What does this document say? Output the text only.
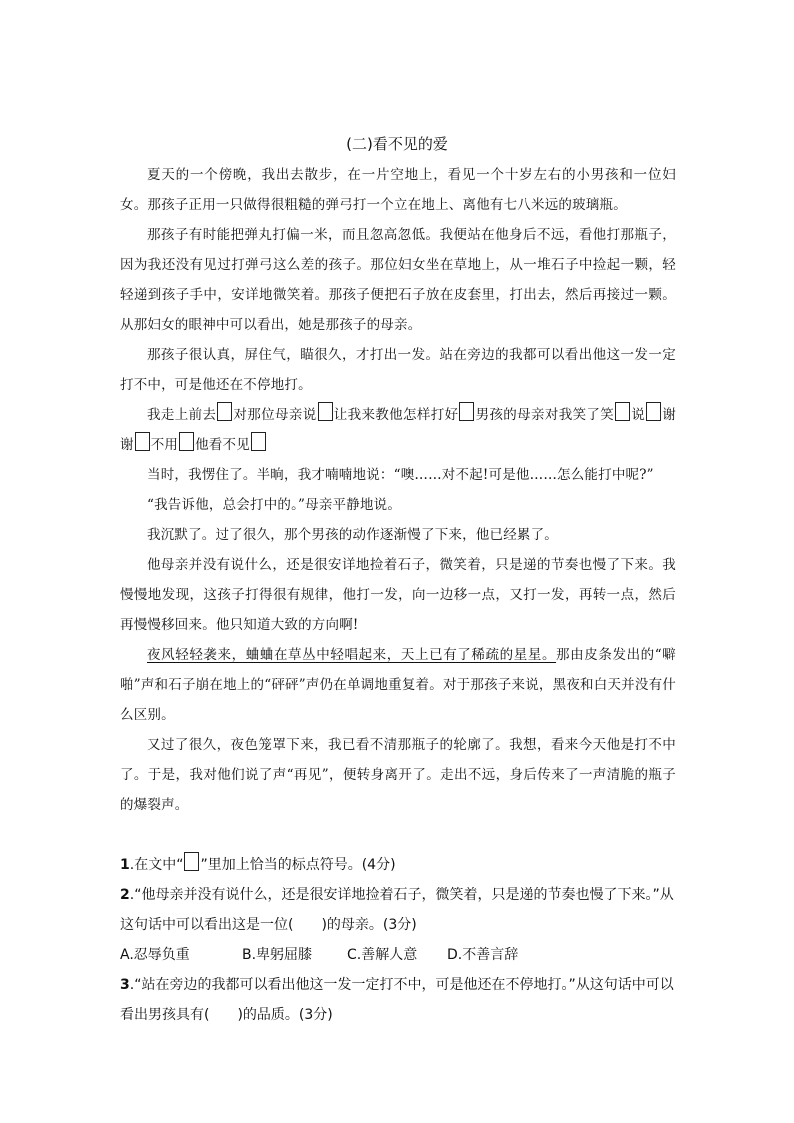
(二)看不见的爱

夏天的一个傍晚，我出去散步，在一片空地上，看见一个十岁左右的小男孩和一位妇女。那孩子正用一只做得很粗糙的弹弓打一个立在地上、离他有七八米远的玻璃瓶。

那孩子有时能把弹丸打偏一米，而且忽高忽低。我便站在他身后不远，看他打那瓶子，因为我还没有见过打弹弓这么差的孩子。那位妇女坐在草地上，从一堆石子中捡起一颗，轻轻递到孩子手中，安详地微笑着。那孩子便把石子放在皮套里，打出去，然后再接过一颗。从那妇女的眼神中可以看出，她是那孩子的母亲。

那孩子很认真，屏住气，瞄很久，才打出一发。站在旁边的我都可以看出他这一发一定打不中，可是他还在不停地打。

我走上前去 对那位母亲说 让我来教他怎样打好 男孩的母亲对我笑了笑 说 谢谢 不用 他看不见

当时，我愣住了。半晌，我才喃喃地说：“噢……对不起!可是他……怎么能打中呢?”

“我告诉他，总会打中的。”母亲平静地说。

我沉默了。过了很久，那个男孩的动作逐渐慢了下来，他已经累了。

他母亲并没有说什么，还是很安详地捡着石子，微笑着，只是递的节奏也慢了下来。我慢慢地发现，这孩子打得很有规律，他打一发，向一边移一点，又打一发，再转一点，然后再慢慢移回来。他只知道大致的方向啊!

夜风轻轻袭来，蛐蛐在草丛中轻唱起来，天上已有了稀疏的星星。那由皮条发出的“噼啪”声和石子崩在地上的“砰砰”声仍在单调地重复着。对于那孩子来说，黑夜和白天并没有什么区别。

又过了很久，夜色笼罩下来，我已看不清那瓶子的轮廓了。我想，看来今天他是打不中了。于是，我对他们说了声“再见”，便转身离开了。走出不远，身后传来了一声清脆的瓶子的爆裂声。

1.在文中“ ”里加上恰当的标点符号。(4分)

2.“他母亲并没有说什么，还是很安详地捡着石子，微笑着，只是递的节奏也慢了下来。”从这句话中可以看出这是一位(　　)的母亲。(3分)

A.忍辱负重	B.卑躬屈膝	C.善解人意	D.不善言辞

3.“站在旁边的我都可以看出他这一发一定打不中，可是他还在不停地打。”从这句话中可以看出男孩具有(　　)的品质。(3分)
